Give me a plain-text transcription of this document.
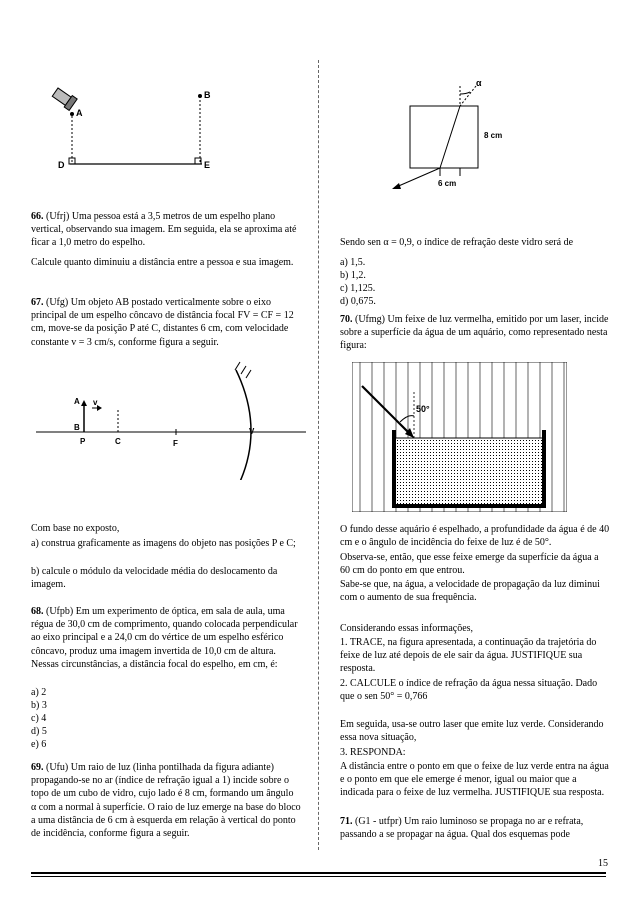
A
B
D	E
66. (Ufrj) Uma pessoa está a 3,5 metros de um espelho plano vertical, observando sua imagem. Em seguida, ela se aproxima até ficar a 1,0 metro do espelho.
Calcule quanto diminuiu a distância entre a pessoa e sua imagem.
67. (Ufg) Um objeto AB postado verticalmente sobre o eixo principal de um espelho côncavo de distância focal FV = CF = 12 cm, move-se da posição P até C, distantes 6 cm, com velocidade constante v = 3 cm/s, conforme figura a seguir.
A v
B
P	C	F
V
Com base no exposto,
a) construa graficamente as imagens do objeto nas posições P e C;
b) calcule o módulo da velocidade média do deslocamento da imagem.
68. (Ufpb) Em um experimento de óptica, em sala de aula, uma régua de 30,0 cm de comprimento, quando colocada perpendicular ao eixo principal e a 24,0 cm do vértice de um espelho esférico côncavo, produz uma imagem invertida de 10,0 cm de altura. Nessas circunstâncias, a distância focal do espelho, em cm, é:
a) 2
b) 3
c) 4
d) 5
e) 6
69. (Ufu) Um raio de luz (linha pontilhada da figura adiante) propagando-se no ar (índice de refração igual a 1) incide sobre o topo de um cubo de vidro, cujo lado é 8 cm, formando um ângulo α com a normal à superfície. O raio de luz emerge na base do bloco a uma distância de 6 cm à esquerda em relação à vertical do ponto de incidência, conforme figura a seguir.
α
8 cm
6 cm
Sendo sen α = 0,9, o índice de refração deste vidro será de
a) 1,5.
b) 1,2.
c) 1,125.
d) 0,675.
70. (Ufmg) Um feixe de luz vermelha, emitido por um laser, incide sobre a superfície da água de um aquário, como representado nesta figura:
50°
O fundo desse aquário é espelhado, a profundidade da água é de 40 cm e o ângulo de incidência do feixe de luz é de 50°.
Observa-se, então, que esse feixe emerge da superfície da água a 60 cm do ponto em que entrou.
Sabe-se que, na água, a velocidade de propagação da luz diminui com o aumento de sua frequência.
Considerando essas informações,
1. TRACE, na figura apresentada, a continuação da trajetória do feixe de luz até depois de ele sair da água. JUSTIFIQUE sua resposta.
2. CALCULE o índice de refração da água nessa situação. Dado que o sen 50° = 0,766
Em seguida, usa-se outro laser que emite luz verde. Considerando essa nova situação,
3. RESPONDA:
A distância entre o ponto em que o feixe de luz verde entra na água e o ponto em que ele emerge é menor, igual ou maior que a indicada para o feixe de luz vermelha. JUSTIFIQUE sua resposta.
71. (G1 - utfpr) Um raio luminoso se propaga no ar e refrata, passando a se propagar na água. Qual dos esquemas pode
15
